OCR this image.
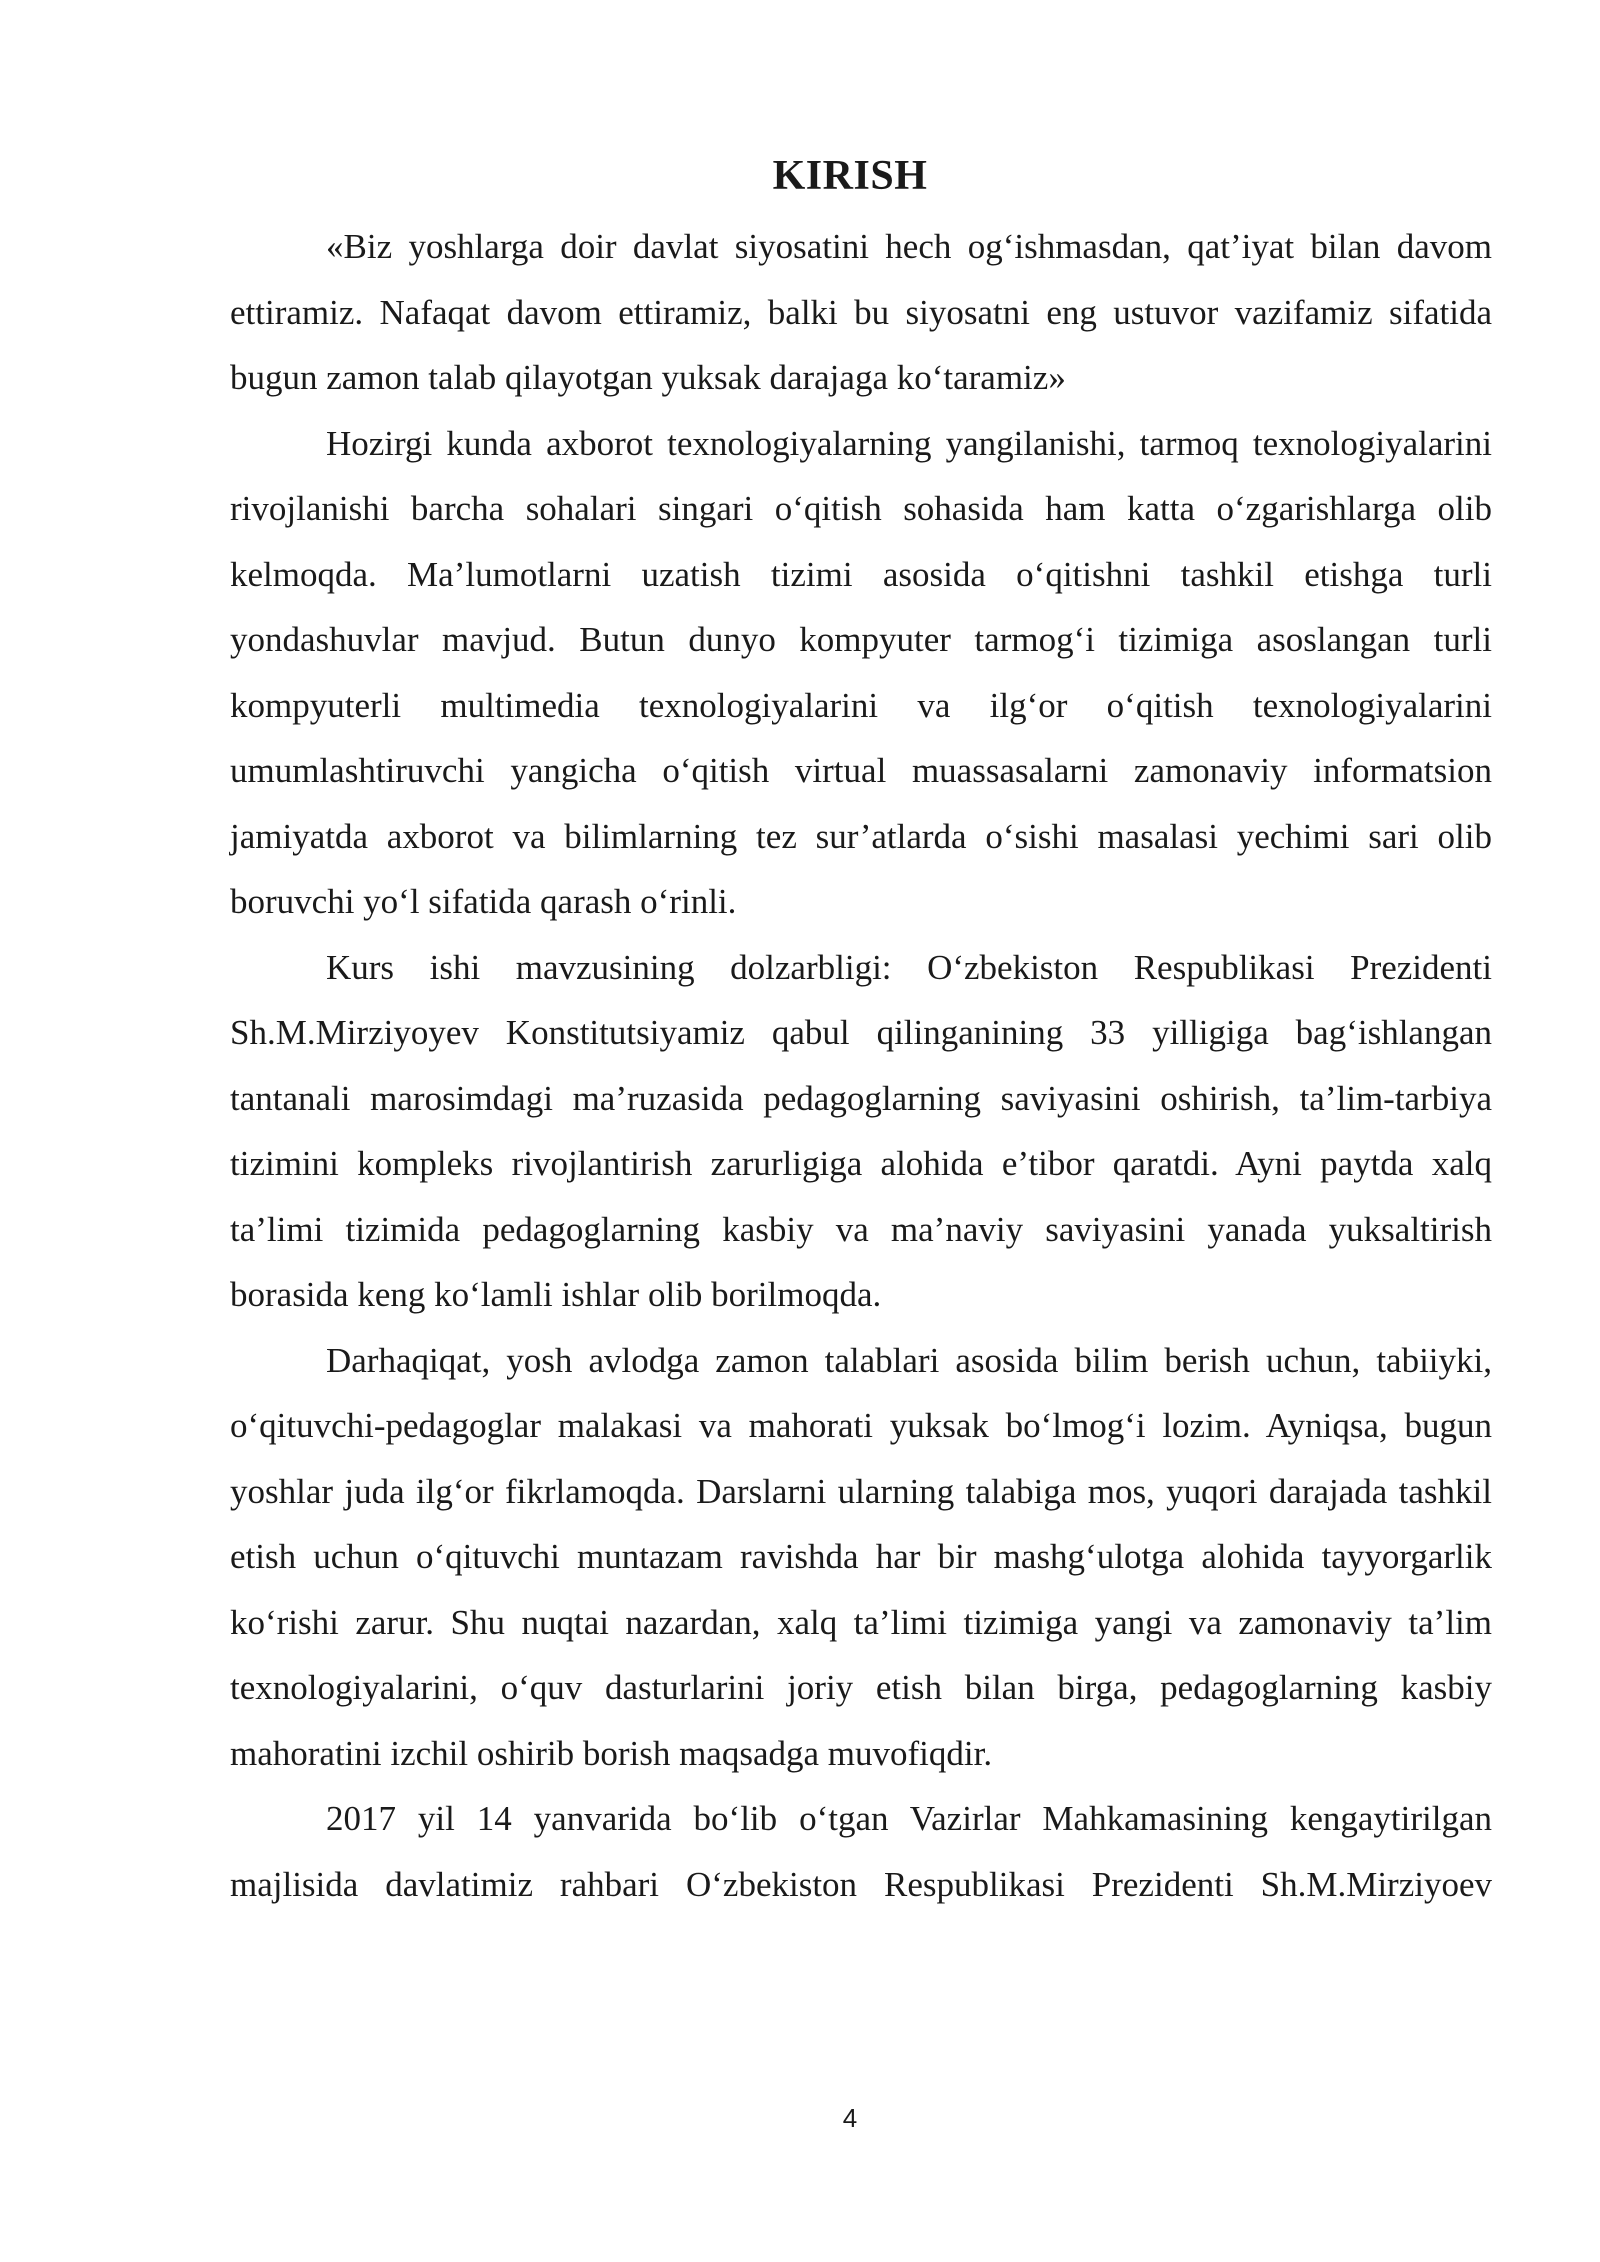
KIRISH

«Biz yoshlarga doir davlat siyosatini hech og‘ishmasdan, qat’iyat bilan davom ettiramiz. Nafaqat davom ettiramiz, balki bu siyosatni eng ustuvor vazifamiz sifatida bugun zamon talab qilayotgan yuksak darajaga ko‘taramiz»

Hozirgi kunda axborot texnologiyalarning yangilanishi, tarmoq texnologiyalarini rivojlanishi barcha sohalari singari o‘qitish sohasida ham katta o‘zgarishlarga olib kelmoqda. Ma’lumotlarni uzatish tizimi asosida o‘qitishni tashkil etishga turli yondashuvlar mavjud. Butun dunyo kompyuter tarmog‘i tizimiga asoslangan turli kompyuterli multimedia texnologiyalarini va ilg‘or o‘qitish texnologiyalarini umumlashtiruvchi yangicha o‘qitish virtual muassasalarni zamonaviy informatsion jamiyatda axborot va bilimlarning tez sur’atlarda o‘sishi masalasi yechimi sari olib boruvchi yo‘l sifatida qarash o‘rinli.

Kurs ishi mavzusining dolzarbligi: O‘zbekiston Respublikasi Prezidenti Sh.M.Mirziyoyev Konstitutsiyamiz qabul qilinganining 33 yilligiga bag‘ishlangan tantanali marosimdagi ma’ruzasida pedagoglarning saviyasini oshirish, ta’lim-tarbiya tizimini kompleks rivojlantirish zarurligiga alohida e’tibor qaratdi. Ayni paytda xalq ta’limi tizimida pedagoglarning kasbiy va ma’naviy saviyasini yanada yuksaltirish borasida keng ko‘lamli ishlar olib borilmoqda.

Darhaqiqat, yosh avlodga zamon talablari asosida bilim berish uchun, tabiiyki, o‘qituvchi-pedagoglar malakasi va mahorati yuksak bo‘lmog‘i lozim. Ayniqsa, bugun yoshlar juda ilg‘or fikrlamoqda. Darslarni ularning talabiga mos, yuqori darajada tashkil etish uchun o‘qituvchi muntazam ravishda har bir mashg‘ulotga alohida tayyorgarlik ko‘rishi zarur. Shu nuqtai nazardan, xalq ta’limi tizimiga yangi va zamonaviy ta’lim texnologiyalarini, o‘quv dasturlarini joriy etish bilan birga, pedagoglarning kasbiy mahoratini izchil oshirib borish maqsadga muvofiqdir.

2017 yil 14 yanvarida bo‘lib o‘tgan Vazirlar Mahkamasining kengaytirilgan majlisida davlatimiz rahbari O‘zbekiston Respublikasi Prezidenti Sh.M.Mirziyoev

4
